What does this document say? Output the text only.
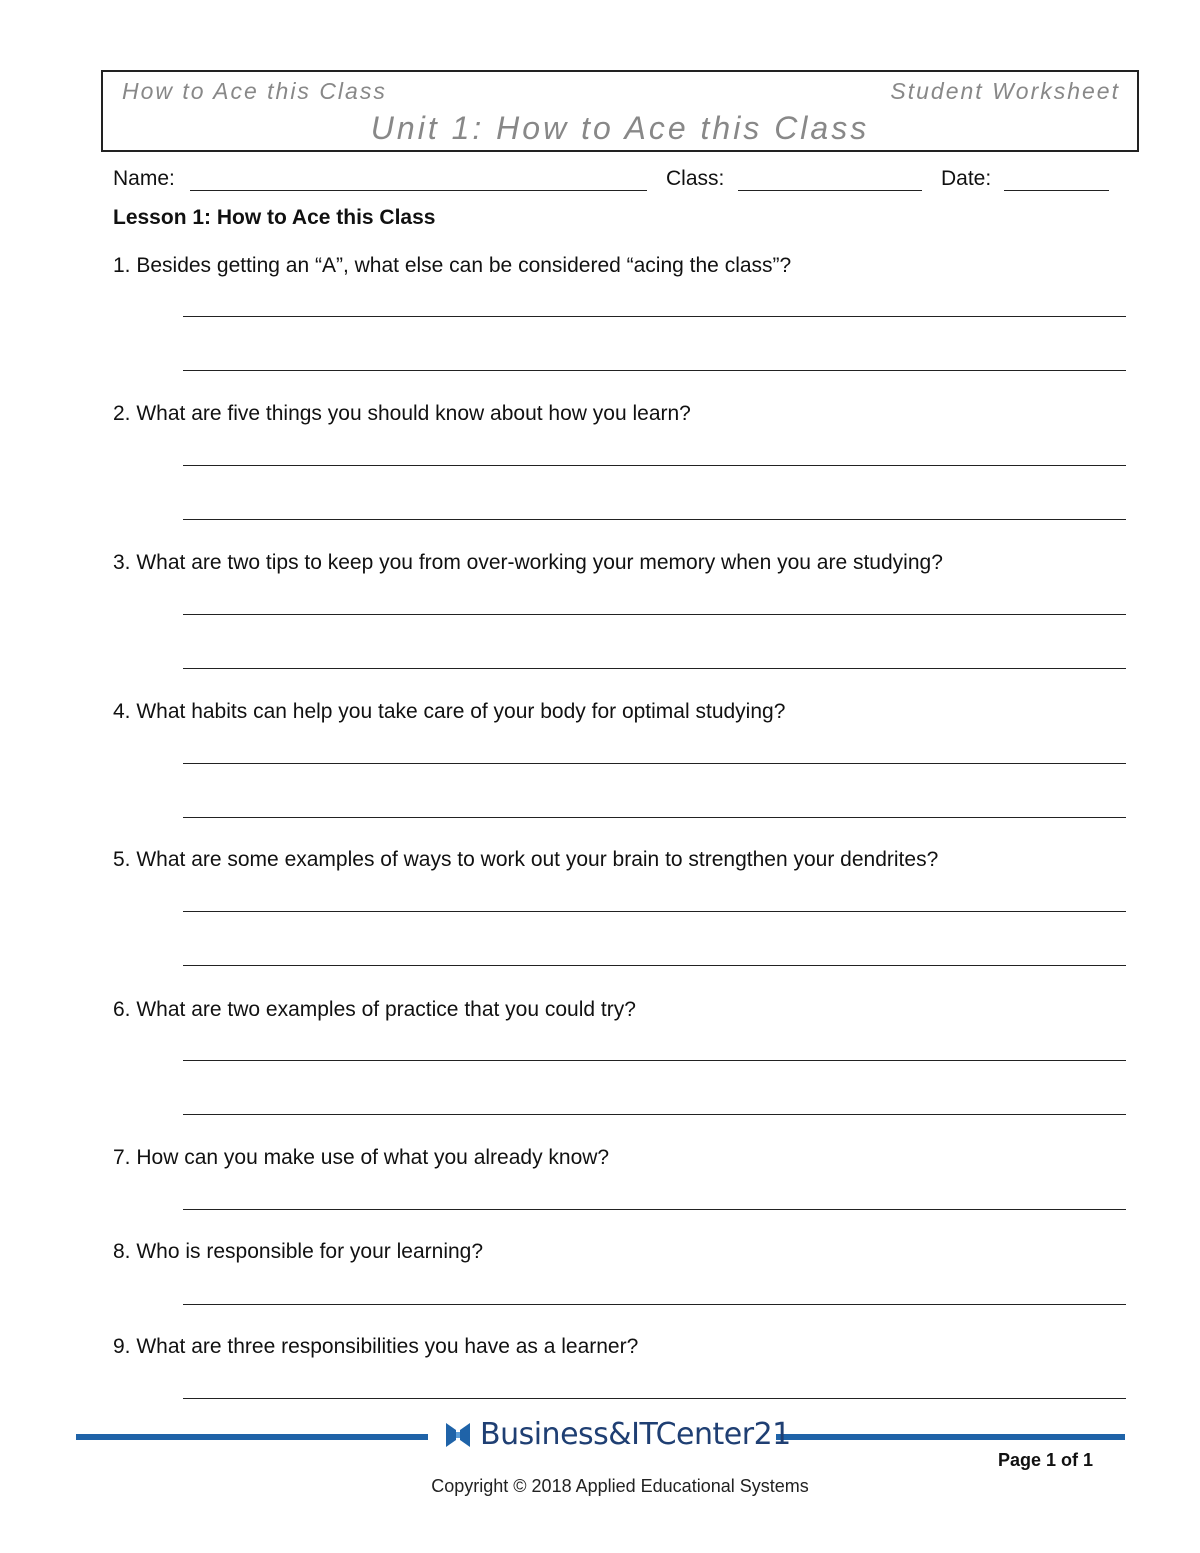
How to Ace this Class	Student Worksheet
Unit 1: How to Ace this Class
Name:	Class:	Date:
Lesson 1: How to Ace this Class
1. Besides getting an “A”, what else can be considered “acing the class”?
2. What are five things you should know about how you learn?
3. What are two tips to keep you from over-working your memory when you are studying?
4. What habits can help you take care of your body for optimal studying?
5. What are some examples of ways to work out your brain to strengthen your dendrites?
6. What are two examples of practice that you could try?
7. How can you make use of what you already know?
8. Who is responsible for your learning?
9. What are three responsibilities you have as a learner?
Business&ITCenter21
Page 1 of 1
Copyright © 2018 Applied Educational Systems
